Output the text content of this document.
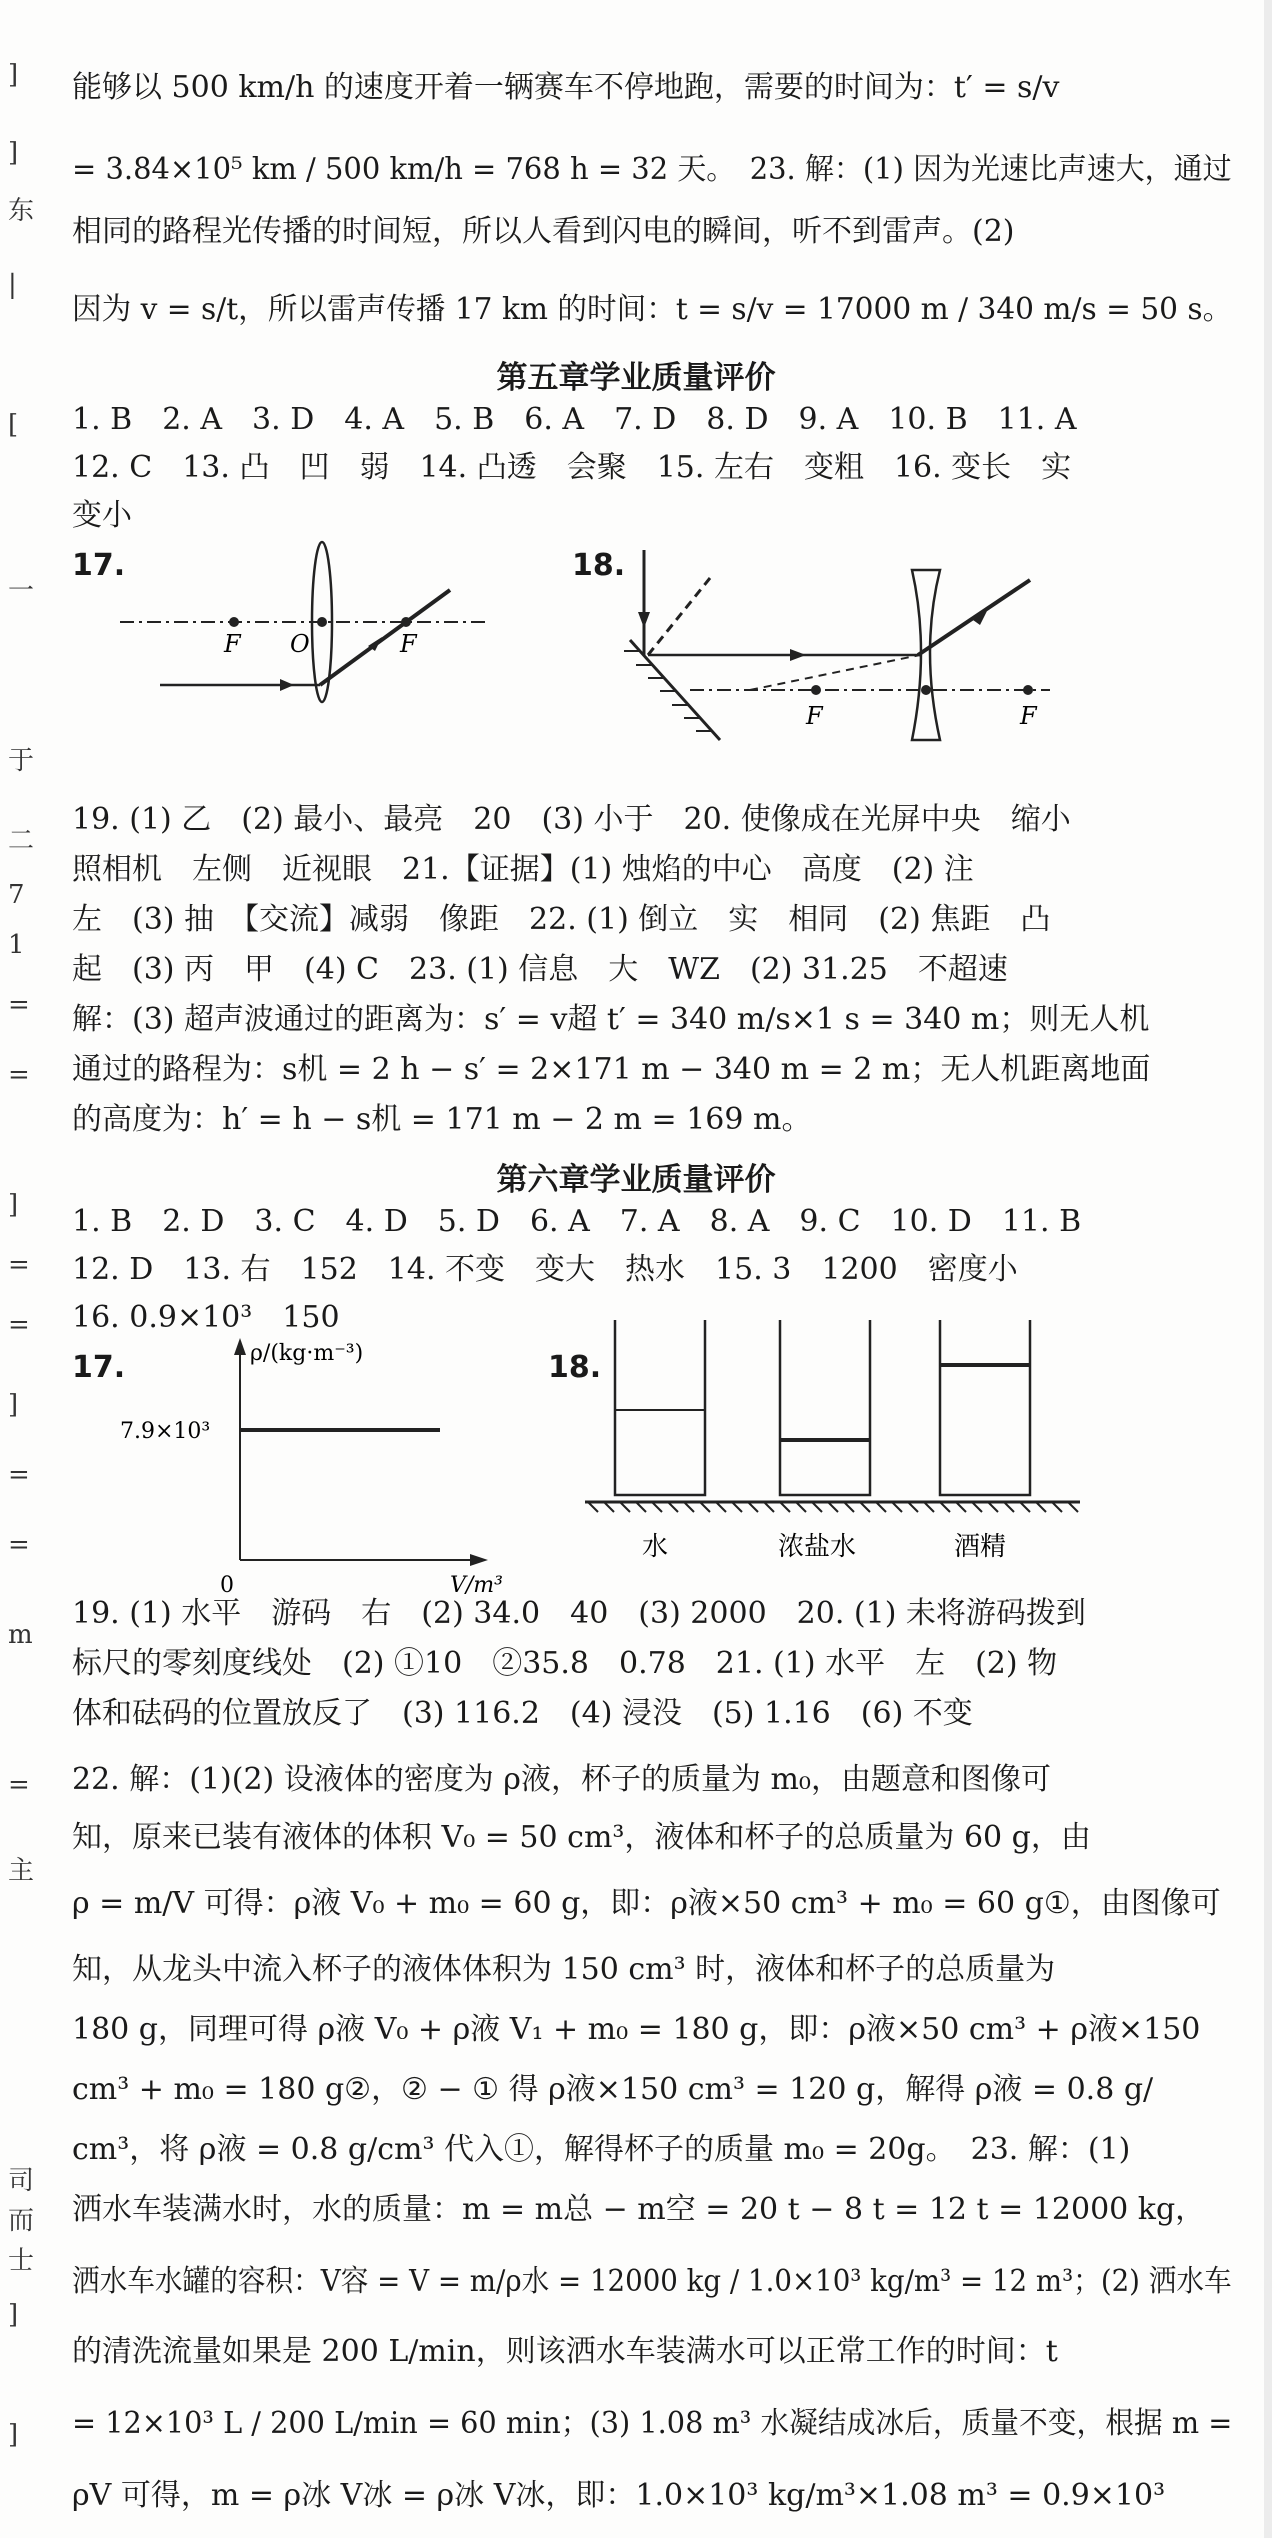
]
]
东
|
[
一
于
二
7
1
=
=
]
=
=
]
=
=
m
=
主
司
而
士
]
]
能够以 500 km/h 的速度开着一辆赛车不停地跑，需要的时间为：t′ = s/v
= 3.84×10⁵ km / 500 km/h = 768 h = 32 天。　23. 解：(1) 因为光速比声速大，通过
相同的路程光传播的时间短，所以人看到闪电的瞬间，听不到雷声。(2)
因为 v = s/t，所以雷声传播 17 km 的时间：t = s/v = 17000 m / 340 m/s = 50 s。
第五章学业质量评价
1. B　2. A　3. D　4. A　5. B　6. A　7. D　8. D　9. A　10. B　11. A
12. C　13. 凸　凹　弱　14. 凸透　会聚　15. 左右　变粗　16. 变长　实
变小
17.
F O	F
18.
F	F
19. (1) 乙　(2) 最小、最亮　20　(3) 小于　20. 使像成在光屏中央　缩小
照相机　左侧　近视眼　21.【证据】(1) 烛焰的中心　高度　(2) 注
左　(3) 抽　【交流】减弱　像距　22. (1) 倒立　实　相同　(2) 焦距　凸
起　(3) 丙　甲　(4) C　23. (1) 信息　大　WZ　(2) 31.25　不超速
解：(3) 超声波通过的距离为：s′ = v超 t′ = 340 m/s×1 s = 340 m；则无人机
通过的路程为：s机 = 2 h − s′ = 2×171 m − 340 m = 2 m；无人机距离地面
的高度为：h′ = h − s机 = 171 m − 2 m = 169 m。
第六章学业质量评价
1. B　2. D　3. C　4. D　5. D　6. A　7. A　8. A　9. C　10. D　11. B
12. D　13. 右　152　14. 不变　变大　热水　15. 3　1200　密度小
16. 0.9×10³　150
17.	ρ/(kg·m⁻³)
V/m³
0
7.9×10³
18.
水	浓盐水	酒精
19. (1) 水平　游码　右　(2) 34.0　40　(3) 2000　20. (1) 未将游码拨到
标尺的零刻度线处　(2) ①10　②35.8　0.78　21. (1) 水平　左　(2) 物
体和砝码的位置放反了　(3) 116.2　(4) 浸没　(5) 1.16　(6) 不变
22. 解：(1)(2) 设液体的密度为 ρ液，杯子的质量为 m₀，由题意和图像可
知，原来已装有液体的体积 V₀ = 50 cm³，液体和杯子的总质量为 60 g，由
ρ = m/V 可得：ρ液 V₀ + m₀ = 60 g，即：ρ液×50 cm³ + m₀ = 60 g①，由图像可
知，从龙头中流入杯子的液体体积为 150 cm³ 时，液体和杯子的总质量为
180 g，同理可得 ρ液 V₀ + ρ液 V₁ + m₀ = 180 g，即：ρ液×50 cm³ + ρ液×150
cm³ + m₀ = 180 g②，② − ① 得 ρ液×150 cm³ = 120 g，解得 ρ液 = 0.8 g/
cm³，将 ρ液 = 0.8 g/cm³ 代入①，解得杯子的质量 m₀ = 20g。　23. 解：(1)
洒水车装满水时，水的质量：m = m总 − m空 = 20 t − 8 t = 12 t = 12000 kg，
洒水车水罐的容积：V容 = V = m/ρ水 = 12000 kg / 1.0×10³ kg/m³ = 12 m³；(2) 洒水车
的清洗流量如果是 200 L/min，则该洒水车装满水可以正常工作的时间：t
= 12×10³ L / 200 L/min = 60 min；(3) 1.08 m³ 水凝结成冰后，质量不变，根据 m =
ρV 可得，m = ρ冰 V冰 = ρ冰 V冰，即：1.0×10³ kg/m³×1.08 m³ = 0.9×10³
